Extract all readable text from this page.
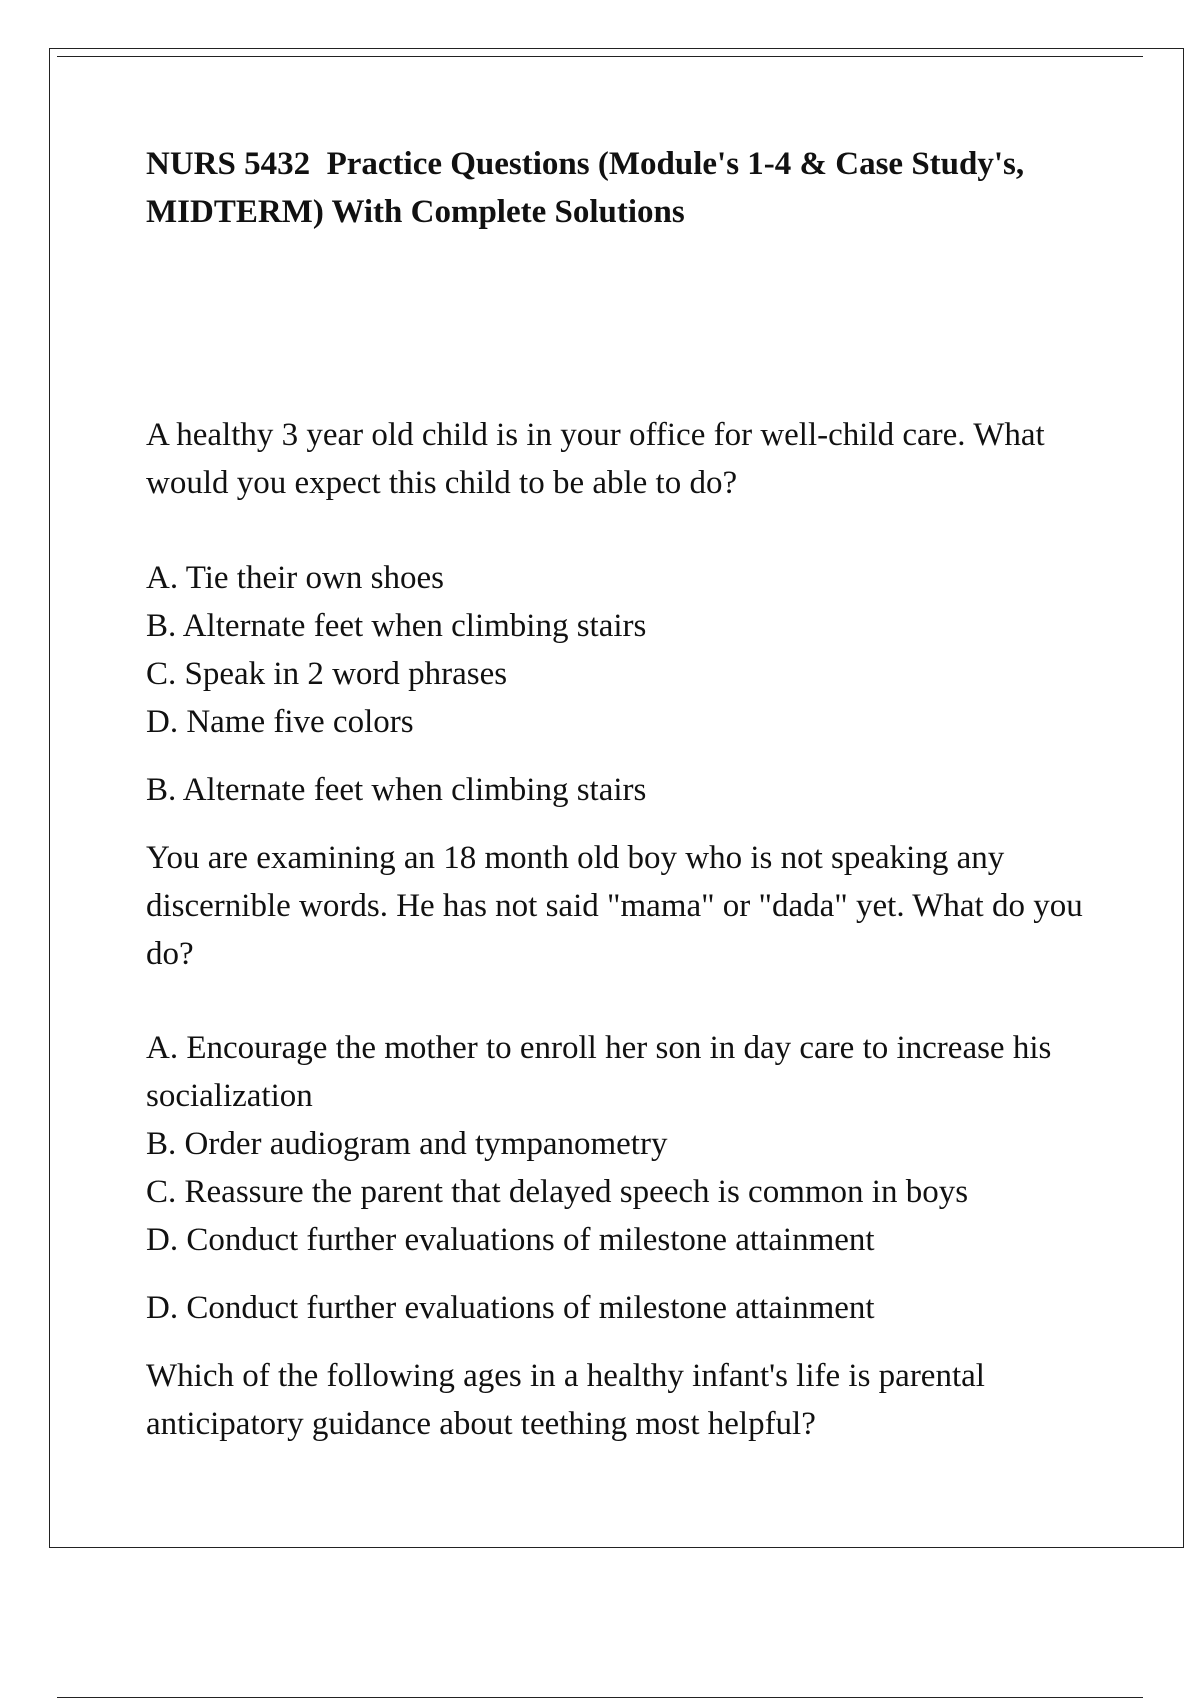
NURS 5432  Practice Questions (Module's 1-4 & Case Study's, MIDTERM) With Complete Solutions

A healthy 3 year old child is in your office for well-child care. What would you expect this child to be able to do?

A. Tie their own shoes
B. Alternate feet when climbing stairs
C. Speak in 2 word phrases
D. Name five colors

B. Alternate feet when climbing stairs

You are examining an 18 month old boy who is not speaking any discernible words. He has not said "mama" or "dada" yet. What do you do?

A. Encourage the mother to enroll her son in day care to increase his socialization
B. Order audiogram and tympanometry
C. Reassure the parent that delayed speech is common in boys
D. Conduct further evaluations of milestone attainment

D. Conduct further evaluations of milestone attainment

Which of the following ages in a healthy infant's life is parental anticipatory guidance about teething most helpful?
